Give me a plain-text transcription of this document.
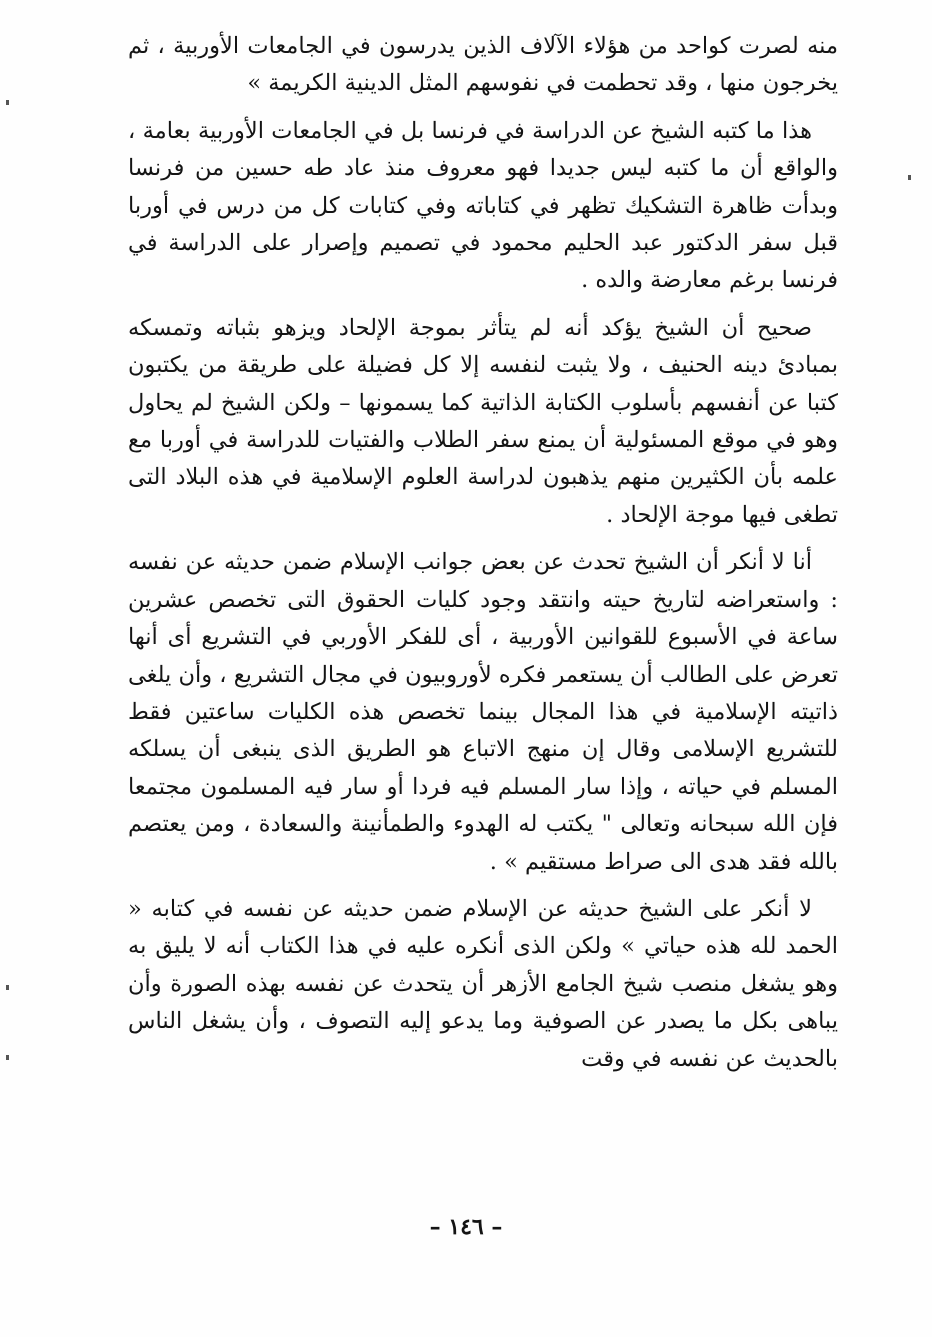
منه لصرت كواحد من هؤلاء الآلاف الذين يدرسون في الجامعات الأوربية ، ثم يخرجون منها ، وقد تحطمت في نفوسهم المثل الدينية الكريمة »

هذا ما كتبه الشيخ عن الدراسة في فرنسا بل في الجامعات الأوربية بعامة ، والواقع أن ما كتبه ليس جديدا فهو معروف منذ عاد طه حسين من فرنسا وبدأت ظاهرة التشكيك تظهر في كتاباته وفي كتابات كل من درس في أوربا قبل سفر الدكتور عبد الحليم محمود في تصميم وإصرار على الدراسة في فرنسا برغم معارضة والده .

صحيح أن الشيخ يؤكد أنه لم يتأثر بموجة الإلحاد ويزهو بثباته وتمسكه بمبادئ دينه الحنيف ، ولا يثبت لنفسه إلا كل فضيلة على طريقة من يكتبون كتبا عن أنفسهم بأسلوب الكتابة الذاتية كما يسمونها – ولكن الشيخ لم يحاول وهو في موقع المسئولية أن يمنع سفر الطلاب والفتيات للدراسة في أوربا مع علمه بأن الكثيرين منهم يذهبون لدراسة العلوم الإسلامية في هذه البلاد التى تطغى فيها موجة الإلحاد .

أنا لا أنكر أن الشيخ تحدث عن بعض جوانب الإسلام ضمن حديثه عن نفسه : واستعراضه لتاريخ حيته وانتقد وجود كليات الحقوق التى تخصص عشرين ساعة في الأسبوع للقوانين الأوربية ، أى للفكر الأوربي في التشريع أى أنها تعرض على الطالب أن يستعمر فكره لأوروبيون في مجال التشريع ، وأن يلغى ذاتيته الإسلامية في هذا المجال بينما تخصص هذه الكليات ساعتين فقط للتشريع الإسلامى وقال إن منهج الاتباع هو الطريق الذى ينبغى أن يسلكه المسلم في حياته ، وإذا سار المسلم فيه فردا أو سار فيه المسلمون مجتمعا فإن الله سبحانه وتعالى " يكتب له الهدوء والطمأنينة والسعادة ، ومن يعتصم بالله فقد هدى الى صراط مستقيم » .

لا أنكر على الشيخ حديثه عن الإسلام ضمن حديثه عن نفسه في كتابه « الحمد لله هذه حياتي » ولكن الذى أنكره عليه في هذا الكتاب أنه لا يليق به وهو يشغل منصب شيخ الجامع الأزهر أن يتحدث عن نفسه بهذه الصورة وأن يباهى بكل ما يصدر عن الصوفية وما يدعو إليه التصوف ، وأن يشغل الناس بالحديث عن نفسه في وقت

– ١٤٦ –
